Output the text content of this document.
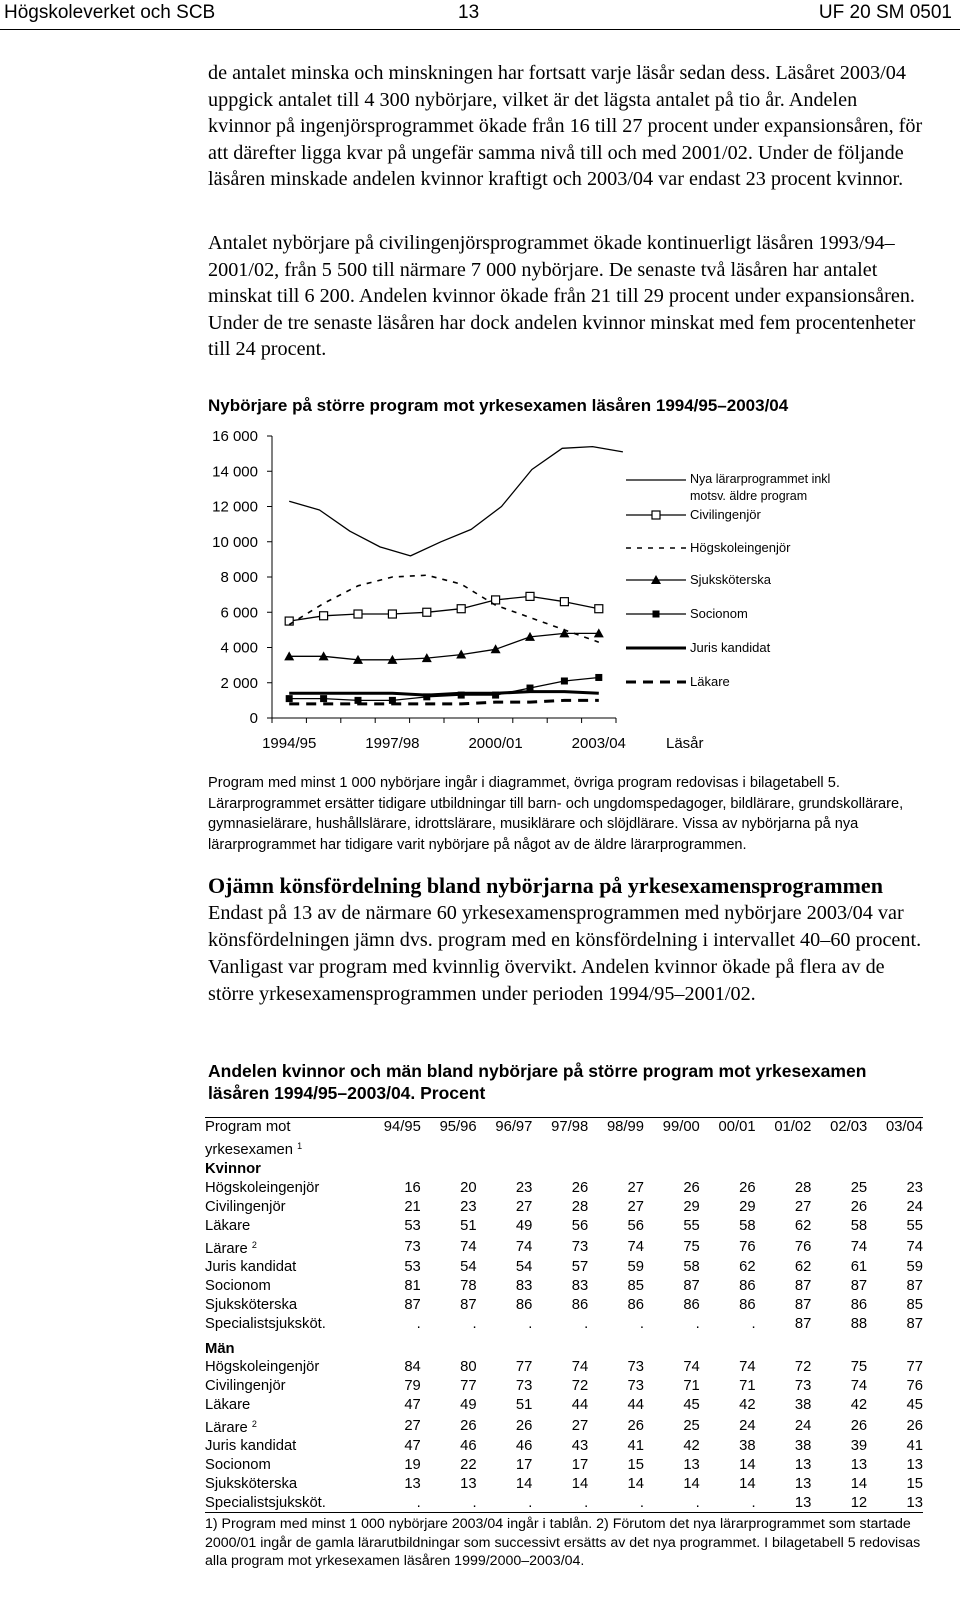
Högskoleverket och SCB	13	UF 20 SM 0501

de antalet minska och minskningen har fortsatt varje läsår sedan dess. Läsåret 2003/04 uppgick antalet till 4 300 nybörjare, vilket är det lägsta antalet på tio år. Andelen kvinnor på ingenjörsprogrammet ökade från 16 till 27 procent under expansionsåren, för att därefter ligga kvar på ungefär samma nivå till och med 2001/02. Under de följande läsåren minskade andelen kvinnor kraftigt och 2003/04 var endast 23 procent kvinnor.

Antalet nybörjare på civilingenjörsprogrammet ökade kontinuerligt läsåren 1993/94–2001/02, från 5 500 till närmare 7 000 nybörjare. De senaste två läsåren har antalet minskat till 6 200. Andelen kvinnor ökade från 21 till 29 procent under expansionsåren. Under de tre senaste läsåren har dock andelen kvinnor minskat med fem procentenheter till 24 procent.

Nybörjare på större program mot yrkesexamen läsåren 1994/95–2003/04

16 000
14 000
12 000
10 000
8 000
6 000
4 000
2 000
0
1994/95	1997/98	2000/01	2003/04	Läsår
Nya lärarprogrammet inkl motsv. äldre program
Civilingenjör
Högskoleingenjör
Sjuksköterska
Socionom
Juris kandidat
Läkare

Program med minst 1 000 nybörjare ingår i diagrammet, övriga program redovisas i bilagetabell 5. Lärarprogrammet ersätter tidigare utbildningar till barn- och ungdomspedagoger, bildlärare, grundskollärare, gymnasielärare, hushållslärare, idrottslärare, musiklärare och slöjdlärare. Vissa av nybörjarna på nya lärarprogrammet har tidigare varit nybörjare på något av de äldre lärarprogrammen.

Ojämn könsfördelning bland nybörjarna på yrkesexamensprogrammen

Endast på 13 av de närmare 60 yrkesexamensprogrammen med nybörjare 2003/04 var könsfördelningen jämn dvs. program med en könsfördelning i intervallet 40–60 procent. Vanligast var program med kvinnlig övervikt. Andelen kvinnor ökade på flera av de större yrkesexamensprogrammen under perioden 1994/95–2001/02.

Andelen kvinnor och män bland nybörjare på större program mot yrkesexamen läsåren 1994/95–2003/04. Procent

Program mot yrkesexamen $^1$	94/95	95/96	96/97	97/98	98/99	99/00	00/01	01/02	02/03	03/04
Kvinnor										
Högskoleingenjör	16	20	23	26	27	26	26	28	25	23
Civilingenjör	21	23	27	28	27	29	29	27	26	24
Läkare	53	51	49	56	56	55	58	62	58	55
Lärare $^2$	73	74	74	73	74	75	76	76	74	74
Juris kandidat	53	54	54	57	59	58	62	62	61	59
Socionom	81	78	83	83	85	87	86	87	87	87
Sjuksköterska	87	87	86	86	86	86	86	87	86	85
Specialistsjuksköt.	.	.	.	.	.	.	.	87	88	87
Män										
Högskoleingenjör	84	80	77	74	73	74	74	72	75	77
Civilingenjör	79	77	73	72	73	71	71	73	74	76
Läkare	47	49	51	44	44	45	42	38	42	45
Lärare $^2$	27	26	26	27	26	25	24	24	26	26
Juris kandidat	47	46	46	43	41	42	38	38	39	41
Socionom	19	22	17	17	15	13	14	13	13	13
Sjuksköterska	13	13	14	14	14	14	14	13	14	15
Specialistsjuksköt.	.	.	.	.	.	.	.	13	12	13
1) Program med minst 1 000 nybörjare 2003/04 ingår i tablån. 2) Förutom det nya lärarprogrammet som startade 2000/01 ingår de gamla lärarutbildningar som successivt ersätts av det nya programmet. I bilagetabell 5 redovisas alla program mot yrkesexamen läsåren 1999/2000–2003/04.										
